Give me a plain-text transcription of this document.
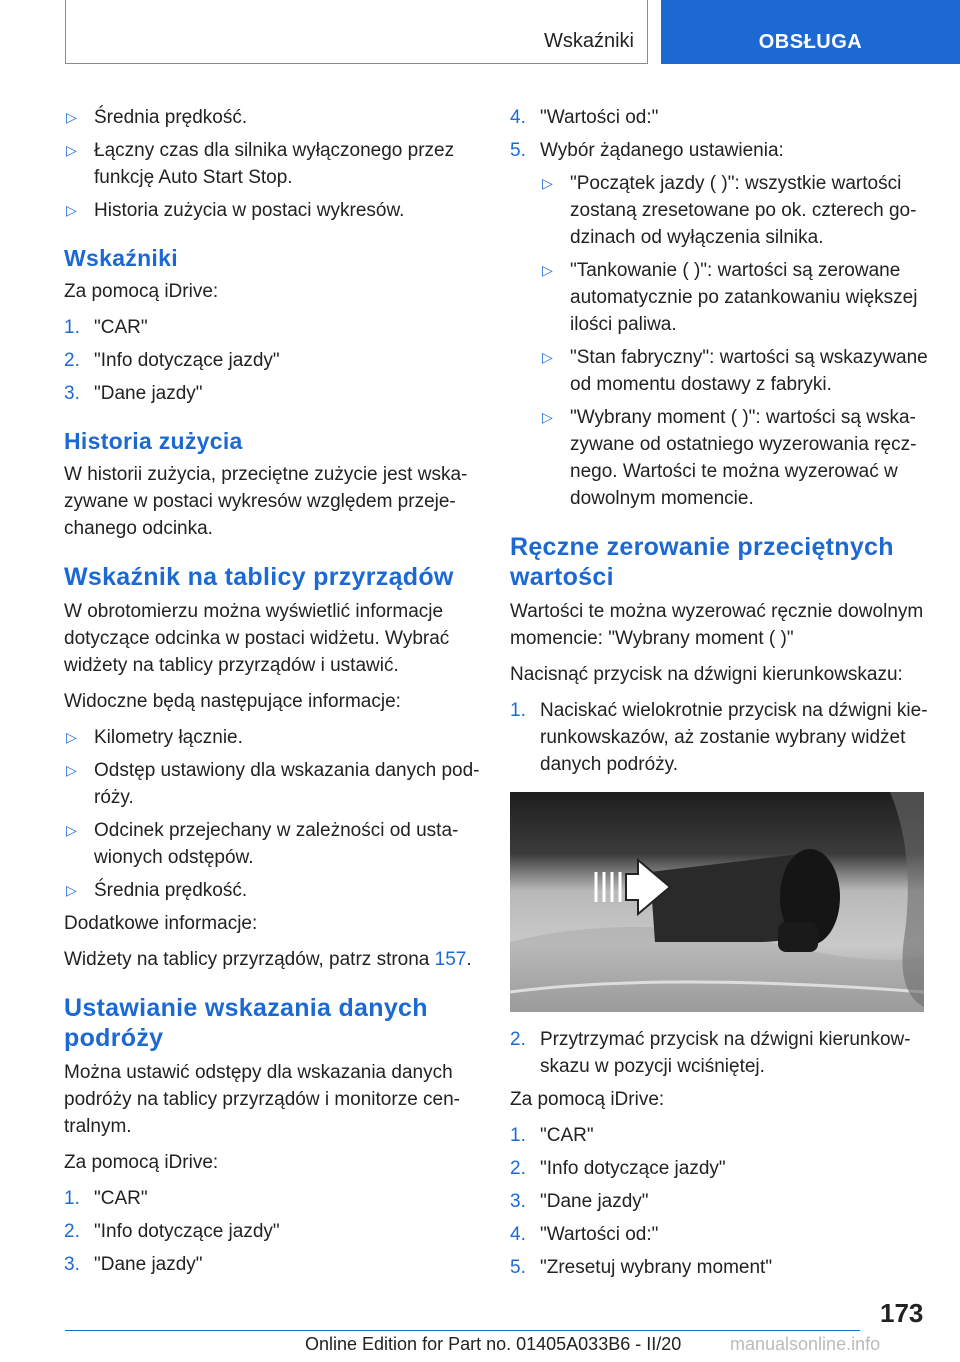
Wskaźniki	OBSŁUGA
▷ Średnia prędkość.
▷ Łączny czas dla silnika wyłączonego przez funkcję Auto Start Stop.
▷ Historia zużycia w postaci wykresów.
Wskaźniki

Za pomocą iDrive:

1. "CAR"
2. "Info dotyczące jazdy"
3. "Dane jazdy"
Historia zużycia

W historii zużycia, przeciętne zużycie jest wska- zywane w postaci wykresów względem przeje- chanego odcinka.

Wskaźnik na tablicy przyrządów

W obrotomierzu można wyświetlić informacje dotyczące odcinka w postaci widżetu. Wybrać widżety na tablicy przyrządów i ustawić.

Widoczne będą następujące informacje:

▷ Kilometry łącznie.
▷ Odstęp ustawiony dla wskazania danych pod- róży.
▷ Odcinek przejechany w zależności od usta- wionych odstępów.
▷ Średnia prędkość.

Dodatkowe informacje:

Widżety na tablicy przyrządów, patrz strona 157.

Ustawianie wskazania danych podróży

Można ustawić odstępy dla wskazania danych podróży na tablicy przyrządów i monitorze cen- tralnym.

Za pomocą iDrive:

1. "CAR"
2. "Info dotyczące jazdy"
3. "Dane jazdy"
4. "Wartości od:"
5. Wybór żądanego ustawienia:
▷ "Początek jazdy ( )": wszystkie wartości zostaną zresetowane po ok. czterech go- dzinach od wyłączenia silnika.
▷ "Tankowanie ( )": wartości są zerowane automatycznie po zatankowaniu większej ilości paliwa.
▷ "Stan fabryczny": wartości są wskazywane od momentu dostawy z fabryki.
▷ "Wybrany moment ( )": wartości są wska- zywane od ostatniego wyzerowania ręcz- nego. Wartości te można wyzerować w dowolnym momencie.
Ręczne zerowanie przeciętnych wartości

Wartości te można wyzerować ręcznie dowolnym momencie: "Wybrany moment ( )"

Nacisnąć przycisk na dźwigni kierunkowskazu:

1. Naciskać wielokrotnie przycisk na dźwigni kie- runkowskazów, aż zostanie wybrany widżet danych podróży.
2. Przytrzymać przycisk na dźwigni kierunkow- skazu w pozycji wciśniętej.

Za pomocą iDrive:

1. "CAR"
2. "Info dotyczące jazdy"
3. "Dane jazdy"
4. "Wartości od:"
5. "Zresetuj wybrany moment"
173
Online Edition for Part no. 01405A033B6 - II/20	manualsonline.info
